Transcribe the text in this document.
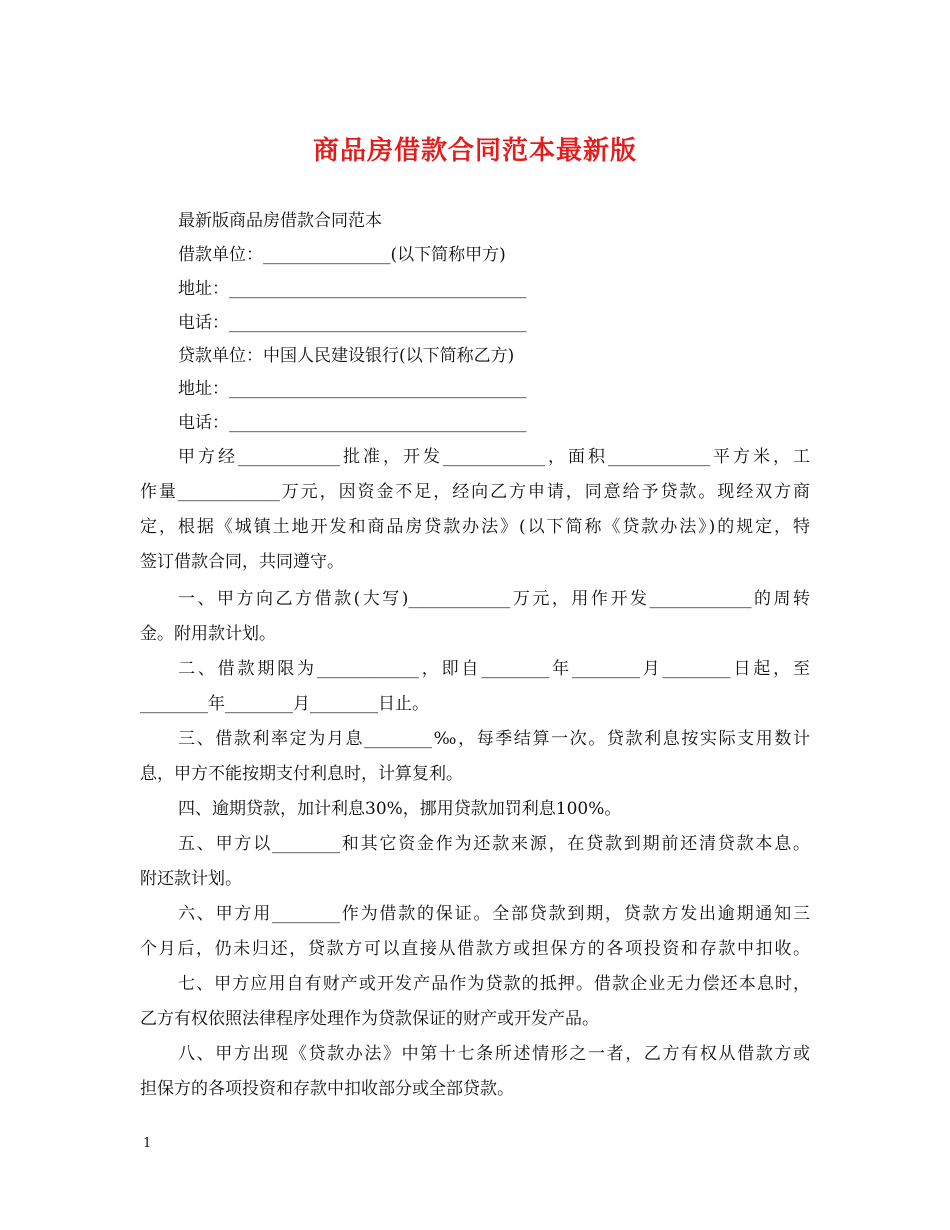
商品房借款合同范本最新版
最新版商品房借款合同范本
借款单位：_______________(以下简称甲方)
地址：___________________________________
电话：___________________________________
贷款单位：中国人民建设银行(以下简称乙方)
地址：___________________________________
电话：___________________________________
甲方经____________批准，开发____________，面积____________平方米，工
作量____________万元，因资金不足，经向乙方申请，同意给予贷款。现经双方商
定，根据《城镇土地开发和商品房贷款办法》(以下简称《贷款办法》)的规定，特
签订借款合同，共同遵守。
一、甲方向乙方借款(大写)____________万元，用作开发____________的周转
金。附用款计划。
二、借款期限为____________，即自________年________月________日起，至
________年________月________日止。
三、借款利率定为月息________‰，每季结算一次。贷款利息按实际支用数计
息，甲方不能按期支付利息时，计算复利。
四、逾期贷款，加计利息30%，挪用贷款加罚利息100%。
五、甲方以________和其它资金作为还款来源，在贷款到期前还清贷款本息。
附还款计划。
六、甲方用________作为借款的保证。全部贷款到期，贷款方发出逾期通知三
个月后，仍未归还，贷款方可以直接从借款方或担保方的各项投资和存款中扣收。
七、甲方应用自有财产或开发产品作为贷款的抵押。借款企业无力偿还本息时，
乙方有权依照法律程序处理作为贷款保证的财产或开发产品。
八、甲方出现《贷款办法》中第十七条所述情形之一者，乙方有权从借款方或
担保方的各项投资和存款中扣收部分或全部贷款。
1
